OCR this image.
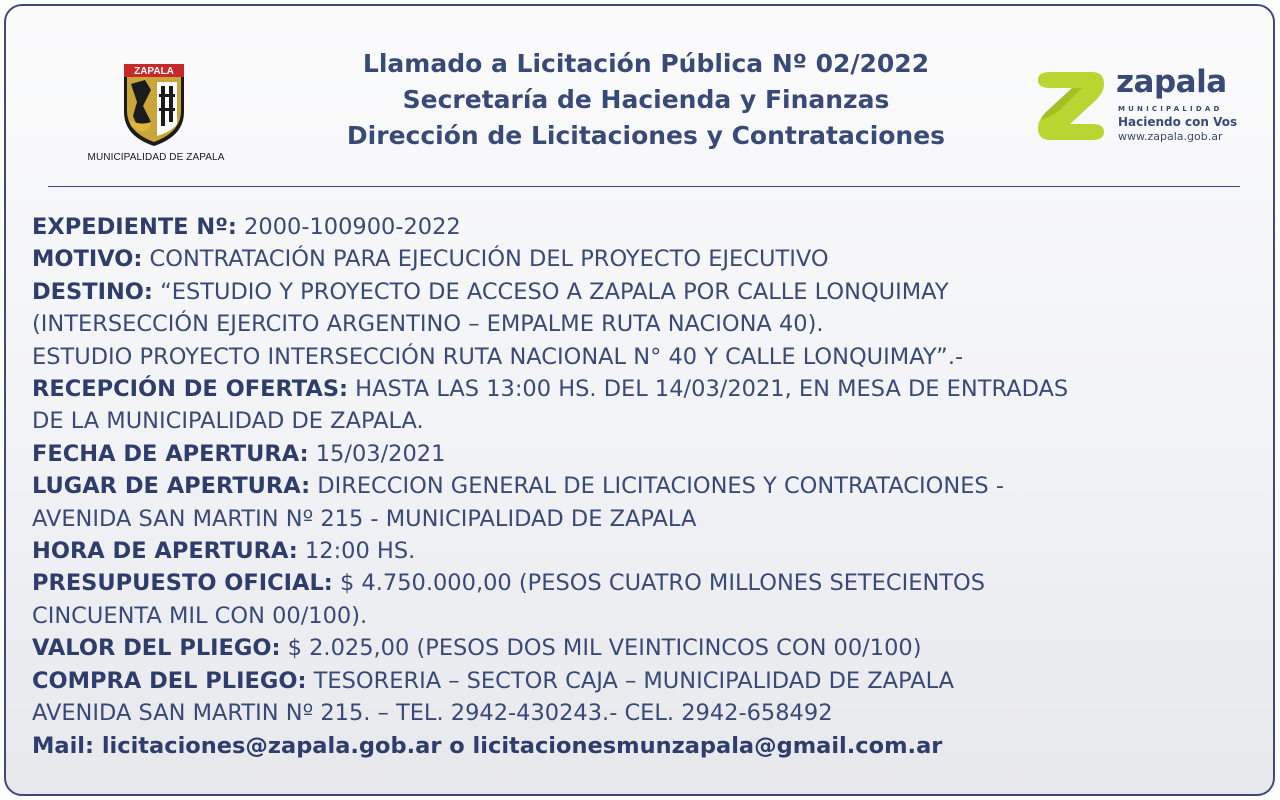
ZAPALA
MUNICIPALIDAD DE ZAPALA
Llamado a Licitación Pública Nº 02/2022
Secretaría de Hacienda y Finanzas
Dirección de Licitaciones y Contrataciones
zapala
MUNICIPALIDAD
Haciendo con Vos
www.zapala.gob.ar
EXPEDIENTE Nº: 2000-100900-2022
MOTIVO: CONTRATACIÓN PARA EJECUCIÓN DEL PROYECTO EJECUTIVO
DESTINO: “ESTUDIO Y PROYECTO DE ACCESO A ZAPALA POR CALLE LONQUIMAY
(INTERSECCIÓN EJERCITO ARGENTINO – EMPALME RUTA NACIONA 40).
ESTUDIO PROYECTO INTERSECCIÓN RUTA NACIONAL N° 40 Y CALLE LONQUIMAY”.-
RECEPCIÓN DE OFERTAS: HASTA LAS 13:00 HS. DEL 14/03/2021, EN MESA DE ENTRADAS
DE LA MUNICIPALIDAD DE ZAPALA.
FECHA DE APERTURA: 15/03/2021
LUGAR DE APERTURA: DIRECCION GENERAL DE LICITACIONES Y CONTRATACIONES -
AVENIDA SAN MARTIN Nº 215 - MUNICIPALIDAD DE ZAPALA
HORA DE APERTURA: 12:00 HS.
PRESUPUESTO OFICIAL: $ 4.750.000,00 (PESOS CUATRO MILLONES SETECIENTOS
CINCUENTA MIL CON 00/100).
VALOR DEL PLIEGO: $ 2.025,00 (PESOS DOS MIL VEINTICINCOS CON 00/100)
COMPRA DEL PLIEGO: TESORERIA – SECTOR CAJA – MUNICIPALIDAD DE ZAPALA
AVENIDA SAN MARTIN Nº 215. – TEL. 2942-430243.- CEL. 2942-658492
Mail: licitaciones@zapala.gob.ar o licitacionesmunzapala@gmail.com.ar
